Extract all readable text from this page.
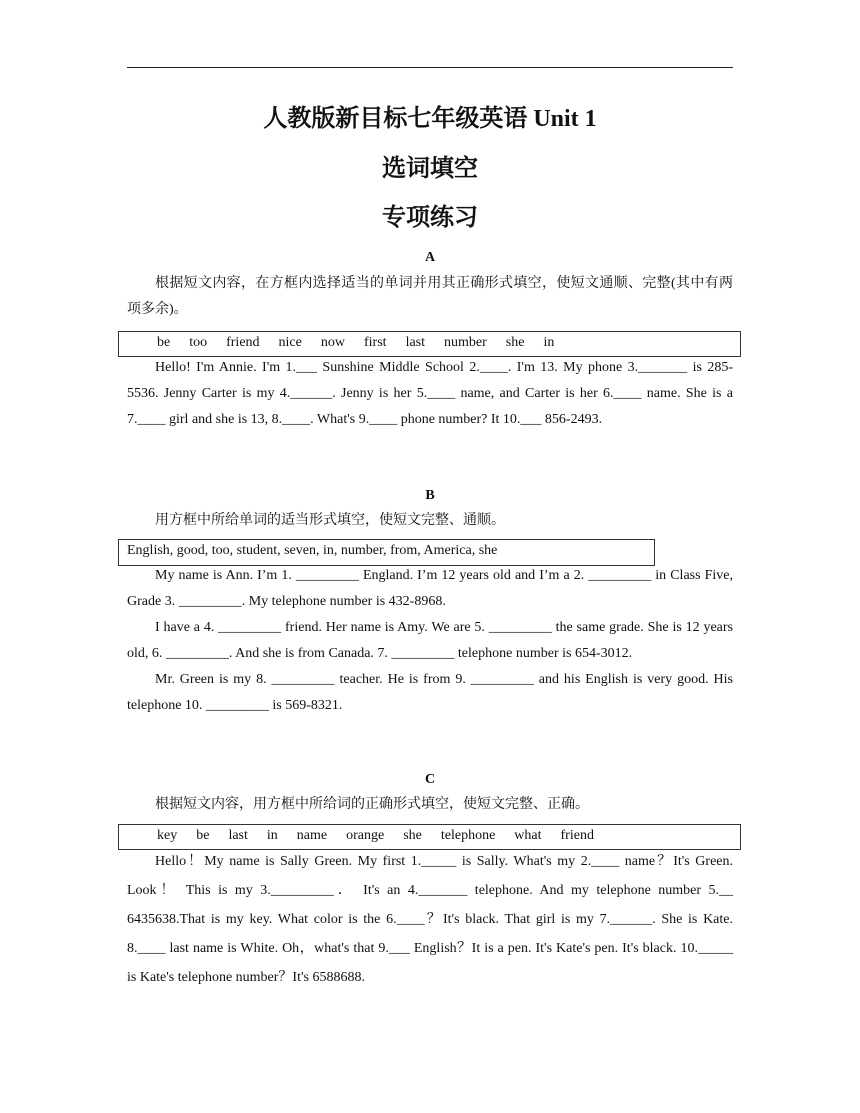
人教版新目标七年级英语 Unit 1
选词填空
专项练习
A

根据短文内容，在方框内选择适当的单词并用其正确形式填空，使短文通顺、完整(其中有两项多余)。

be too friend nice now first last number she in

Hello! I'm Annie. I'm 1.___ Sunshine Middle School 2.____. I'm 13. My phone 3._______ is 285-5536. Jenny Carter is my 4.______. Jenny is her 5.____ name, and Carter is her 6.____ name. She is a 7.____ girl and she is 13, 8.____. What's 9.____ phone number? It 10.___ 856-2493.

B

用方框中所给单词的适当形式填空，使短文完整、通顺。

English, good, too, student, seven, in, number, from, America, she

My name is Ann. I’m 1. _________ England. I’m 12 years old and I’m a 2. _________ in Class Five, Grade 3. _________. My telephone number is 432-8968.

I have a 4. _________ friend. Her name is Amy. We are 5. _________ the same grade. She is 12 years old, 6. _________. And she is from Canada. 7. _________ telephone number is 654-3012.

Mr. Green is my 8. _________ teacher. He is from 9. _________ and his English is very good. His telephone 10. _________ is 569-8321.

C

根据短文内容，用方框中所给词的正确形式填空，使短文完整、正确。

key be last in name orange she telephone what friend

Hello！My name is Sally Green. My first 1._____ is Sally. What's my 2.____ name？It's Green. Look！ This is my 3._________． It's an 4._______ telephone. And my telephone number 5.__ 6435638.That is my key. What color is the 6.____？It's black. That girl is my 7.______. She is Kate. 8.____ last name is White. Oh，what's that 9.___ English？It is a pen. It's Kate's pen. It's black. 10._____ is Kate's telephone number？It's 6588688.
